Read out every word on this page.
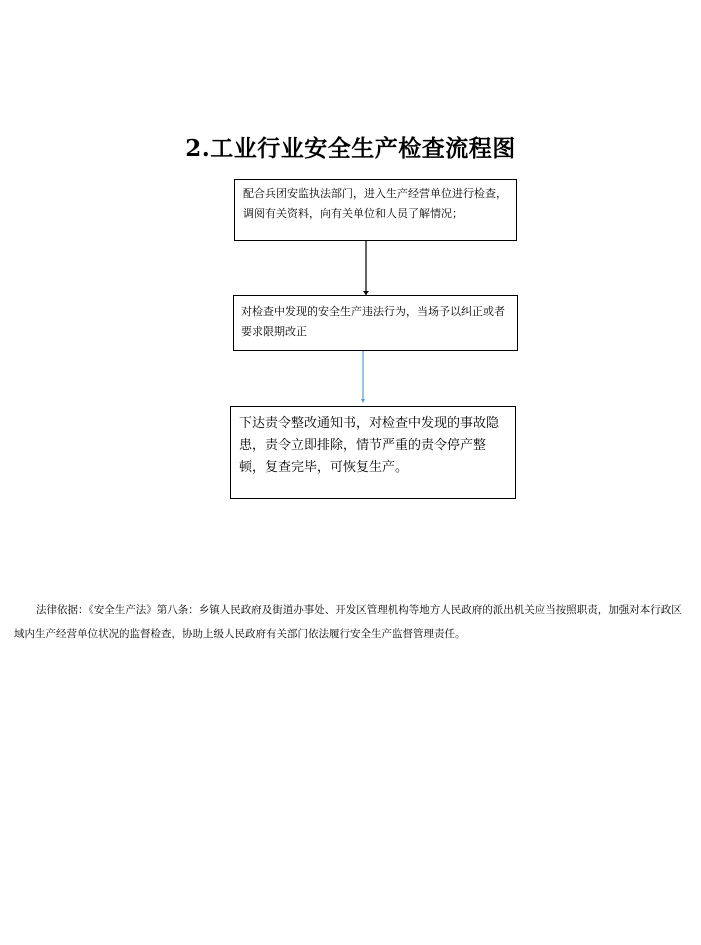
2.工业行业安全生产检查流程图

配合兵团安监执法部门，进入生产经营单位进行检查，调阅有关资料，向有关单位和人员了解情况；

对检查中发现的安全生产违法行为，当场予以纠正或者要求限期改正

下达责令整改通知书，对检查中发现的事故隐患，责令立即排除，情节严重的责令停产整顿，复查完毕，可恢复生产。

法律依据：《安全生产法》第八条：乡镇人民政府及街道办事处、开发区管理机构等地方人民政府的派出机关应当按照职责，加强对本行政区域内生产经营单位状况的监督检查，协助上级人民政府有关部门依法履行安全生产监督管理责任。
